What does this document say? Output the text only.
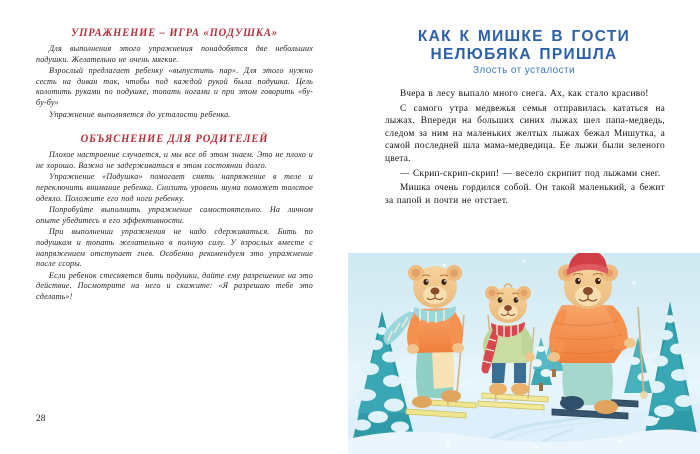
УПРАЖНЕНИЕ – ИГРА «ПОДУШКА»

Для выполнения этого упражнения понадобятся две небольших подушки. Желательно не очень мягкие.

Взрослый предлагает ребенку «выпустить пар». Для этого нужно сесть на диван так, чтобы под каждой рукой была подушка. Цель колотить руками по подушке, топать ногами и при этом говорить «бу-бу-бу»

Упражнение выполняется до усталости ребенка.

ОБЪЯСНЕНИЕ ДЛЯ РОДИТЕЛЕЙ

Плохое настроение случается, и мы все об этом знаем. Это не плохо и не хорошо. Важно не задерживаться в этом состоянии долго.

Упражнение «Подушка» помогает снять напряжение в теле и переключить внимание ребенка. Снизить уровень шума поможет толстое одеяло. Положите его под ноги ребенку.

Попробуйте выполнить упражнение самостоятельно. На личном опыте убедитесь в его эффективности.

При выполнении упражнения не надо сдерживаться. Бить по подушкам и топать желательно в полную силу. У взрослых вместе с напряжением отступает гнев. Особенно рекомендуем это упражнение после ссоры.

Если ребенок стесняется бить подушки, дайте ему разрешение на это действие. Посмотрите на него и скажите: «Я разрешаю тебе это сделать»!

28
КАК К МИШКЕ В ГОСТИ
НЕЛЮБЯКА ПРИШЛА

Злость от усталости

Вчера в лесу выпало много снега. Ах, как стало красиво!

С самого утра медвежья семья отправилась кататься на лыжах. Впереди на больших синих лыжах шел папа-медведь, следом за ним на маленьких желтых лыжах бежал Мишутка, а самой последней шла мама-медведица. Ее лыжи были зеленого цвета.

— Скрип-скрип-скрип! — весело скрипит под лыжами снег.

Мишка очень гордился собой. Он такой маленький, а бежит за папой и почти не отстает.
